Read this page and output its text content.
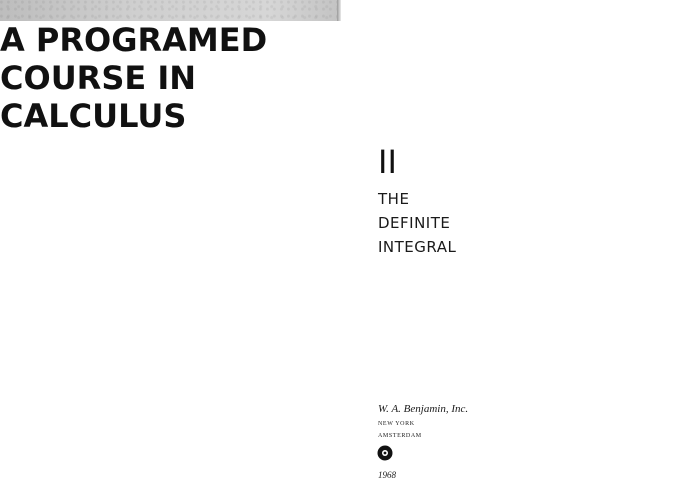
A PROGRAMED COURSE IN CALCULUS
II
THE
DEFINITE
INTEGRAL
W. A. Benjamin, Inc.
NEW YORK
AMSTERDAM
1968
